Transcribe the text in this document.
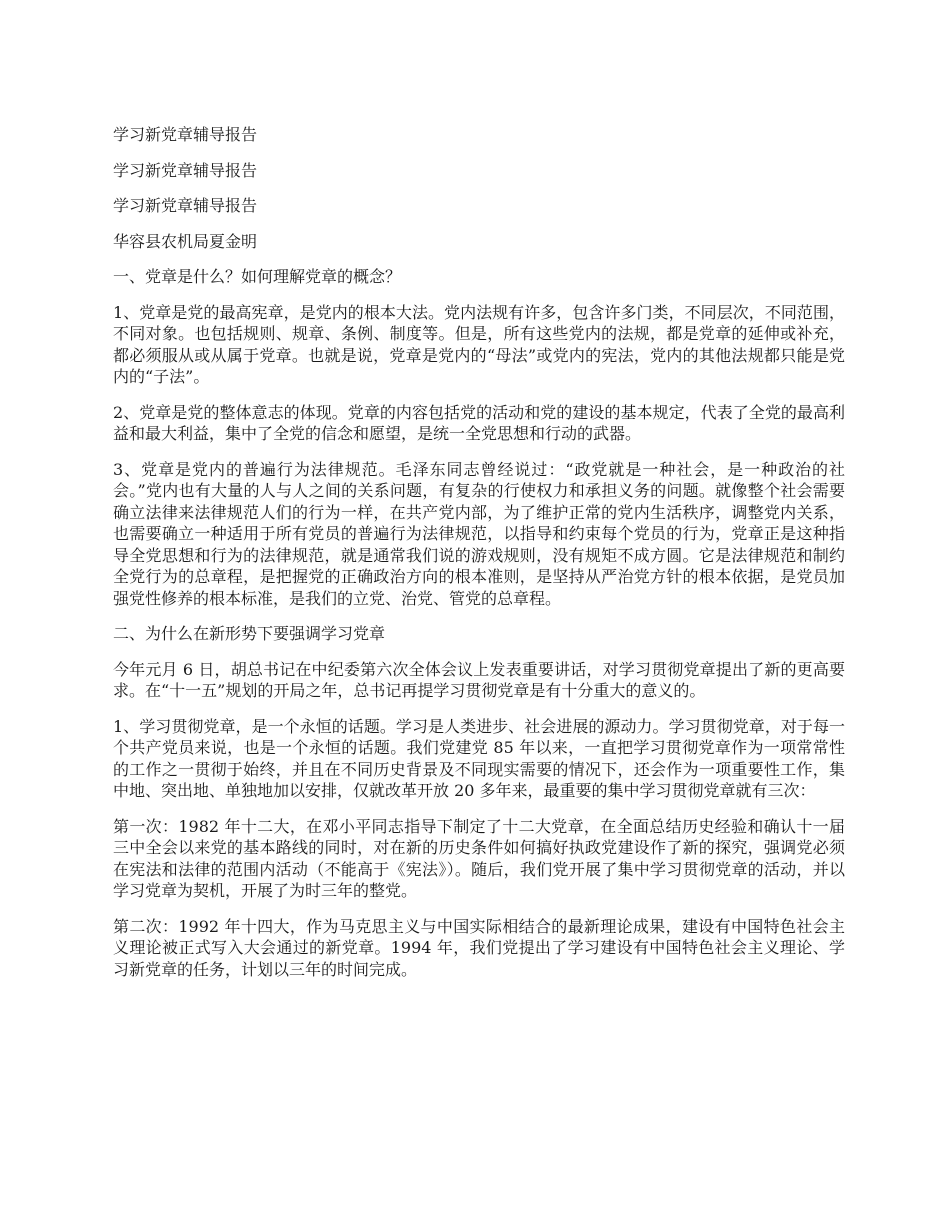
学习新党章辅导报告

学习新党章辅导报告

学习新党章辅导报告

华容县农机局夏金明

一、党章是什么？如何理解党章的概念？

1、党章是党的最高宪章，是党内的根本大法。党内法规有许多，包含许多门类，不同层次，不同范围，不同对象。也包括规则、规章、条例、制度等。但是，所有这些党内的法规，都是党章的延伸或补充，都必须服从或从属于党章。也就是说，党章是党内的“母法”或党内的宪法，党内的其他法规都只能是党内的“子法”。

2、党章是党的整体意志的体现。党章的内容包括党的活动和党的建设的基本规定，代表了全党的最高利益和最大利益，集中了全党的信念和愿望，是统一全党思想和行动的武器。

3、党章是党内的普遍行为法律规范。毛泽东同志曾经说过：“政党就是一种社会，是一种政治的社会。”党内也有大量的人与人之间的关系问题，有复杂的行使权力和承担义务的问题。就像整个社会需要确立法律来法律规范人们的行为一样，在共产党内部，为了维护正常的党内生活秩序，调整党内关系，也需要确立一种适用于所有党员的普遍行为法律规范，以指导和约束每个党员的行为，党章正是这种指导全党思想和行为的法律规范，就是通常我们说的游戏规则，没有规矩不成方圆。它是法律规范和制约全党行为的总章程，是把握党的正确政治方向的根本准则，是坚持从严治党方针的根本依据，是党员加强党性修养的根本标准，是我们的立党、治党、管党的总章程。

二、为什么在新形势下要强调学习党章

今年元月 6 日，胡总书记在中纪委第六次全体会议上发表重要讲话，对学习贯彻党章提出了新的更高要求。在“十一五”规划的开局之年，总书记再提学习贯彻党章是有十分重大的意义的。

1、学习贯彻党章，是一个永恒的话题。学习是人类进步、社会进展的源动力。学习贯彻党章，对于每一个共产党员来说，也是一个永恒的话题。我们党建党 85 年以来，一直把学习贯彻党章作为一项常常性的工作之一贯彻于始终，并且在不同历史背景及不同现实需要的情况下，还会作为一项重要性工作，集中地、突出地、单独地加以安排，仅就改革开放 20 多年来，最重要的集中学习贯彻党章就有三次：

第一次：1982 年十二大，在邓小平同志指导下制定了十二大党章，在全面总结历史经验和确认十一届三中全会以来党的基本路线的同时，对在新的历史条件如何搞好执政党建设作了新的探究，强调党必须在宪法和法律的范围内活动（不能高于《宪法》）。随后，我们党开展了集中学习贯彻党章的活动，并以学习党章为契机，开展了为时三年的整党。

第二次：1992 年十四大，作为马克思主义与中国实际相结合的最新理论成果，建设有中国特色社会主义理论被正式写入大会通过的新党章。1994 年，我们党提出了学习建设有中国特色社会主义理论、学习新党章的任务，计划以三年的时间完成。
